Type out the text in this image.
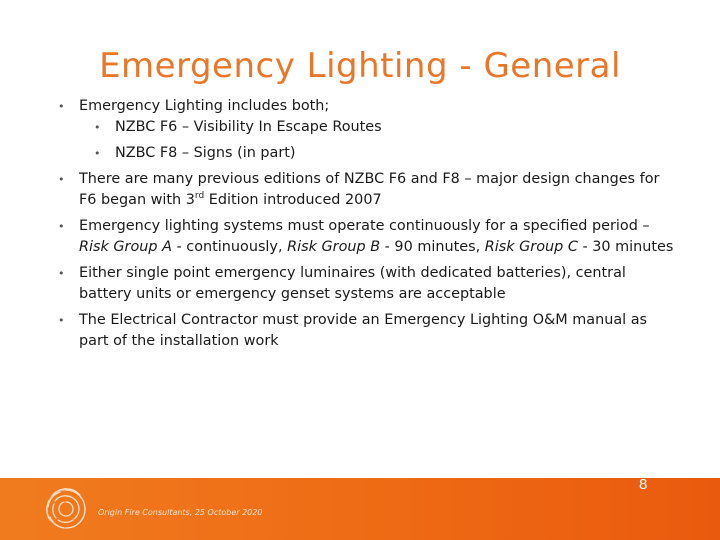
Emergency Lighting - General
•	Emergency Lighting includes both;
•	NZBC F6 – Visibility In Escape Routes
•	NZBC F8 – Signs (in part)
•	There are many previous editions of NZBC F6 and F8 – major design changes for
F6 began with 3rd Edition introduced 2007
•	Emergency lighting systems must operate continuously for a specified period –
Risk Group A - continuously, Risk Group B - 90 minutes, Risk Group C - 30 minutes
•	Either single point emergency luminaires (with dedicated batteries), central
battery units or emergency genset systems are acceptable
•	The Electrical Contractor must provide an Emergency Lighting O&M manual as
part of the installation work
Origin Fire Consultants, 25 October 2020
8
